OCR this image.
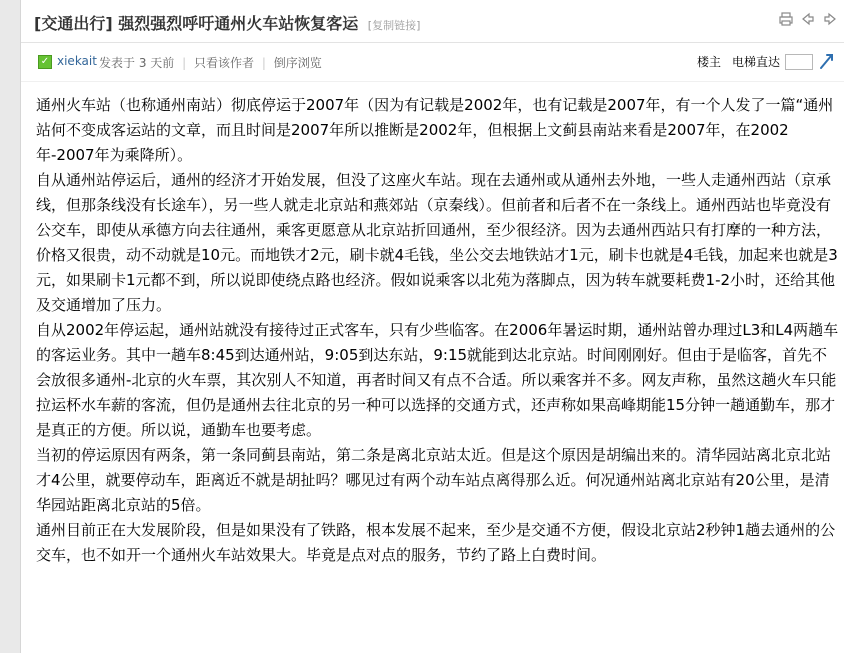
[交通出行] 强烈强烈呼吁通州火车站恢复客运 [复制链接]
✓ xiekait 发表于 3 天前 | 只看该作者 | 倒序浏览	楼主 电梯直达

通州火车站（也称通州南站）彻底停运于2007年（因为有记载是2002年，也有记载是2007年，有一个人发了一篇“通州站何不变成客运站的文章，而且时间是2007年所以推断是2002年，但根据上文蓟县南站来看是2007年，在2002年-2007年为乘降所）。

自从通州站停运后，通州的经济才开始发展，但没了这座火车站。现在去通州或从通州去外地，一些人走通州西站（京承线，但那条线没有长途车），另一些人就走北京站和燕郊站（京秦线）。但前者和后者不在一条线上。通州西站也毕竟没有公交车，即使从承德方向去往通州，乘客更愿意从北京站折回通州，至少很经济。因为去通州西站只有打摩的一种方法，价格又很贵，动不动就是10元。而地铁才2元，刷卡就4毛钱，坐公交去地铁站才1元，刷卡也就是4毛钱，加起来也就是3元，如果刷卡1元都不到，所以说即使绕点路也经济。假如说乘客以北苑为落脚点，因为转车就要耗费1-2小时，还给其他及交通增加了压力。

自从2002年停运起，通州站就没有接待过正式客车，只有少些临客。在2006年暑运时期，通州站曾办理过L3和L4两趟车的客运业务。其中一趟车8:45到达通州站，9:05到达东站，9:15就能到达北京站。时间刚刚好。但由于是临客，首先不会放很多通州-北京的火车票，其次别人不知道，再者时间又有点不合适。所以乘客并不多。网友声称，虽然这趟火车只能拉运杯水车薪的客流，但仍是通州去往北京的另一种可以选择的交通方式，还声称如果高峰期能15分钟一趟通勤车，那才是真正的方便。所以说，通勤车也要考虑。

当初的停运原因有两条，第一条同蓟县南站，第二条是离北京站太近。但是这个原因是胡编出来的。清华园站离北京北站才4公里，就要停动车，距离近不就是胡扯吗？哪见过有两个动车站点离得那么近。何况通州站离北京站有20公里，是清华园站距离北京站的5倍。

通州目前正在大发展阶段，但是如果没有了铁路，根本发展不起来，至少是交通不方便，假设北京站2秒钟1趟去通州的公交车，也不如开一个通州火车站效果大。毕竟是点对点的服务，节约了路上白费时间。
